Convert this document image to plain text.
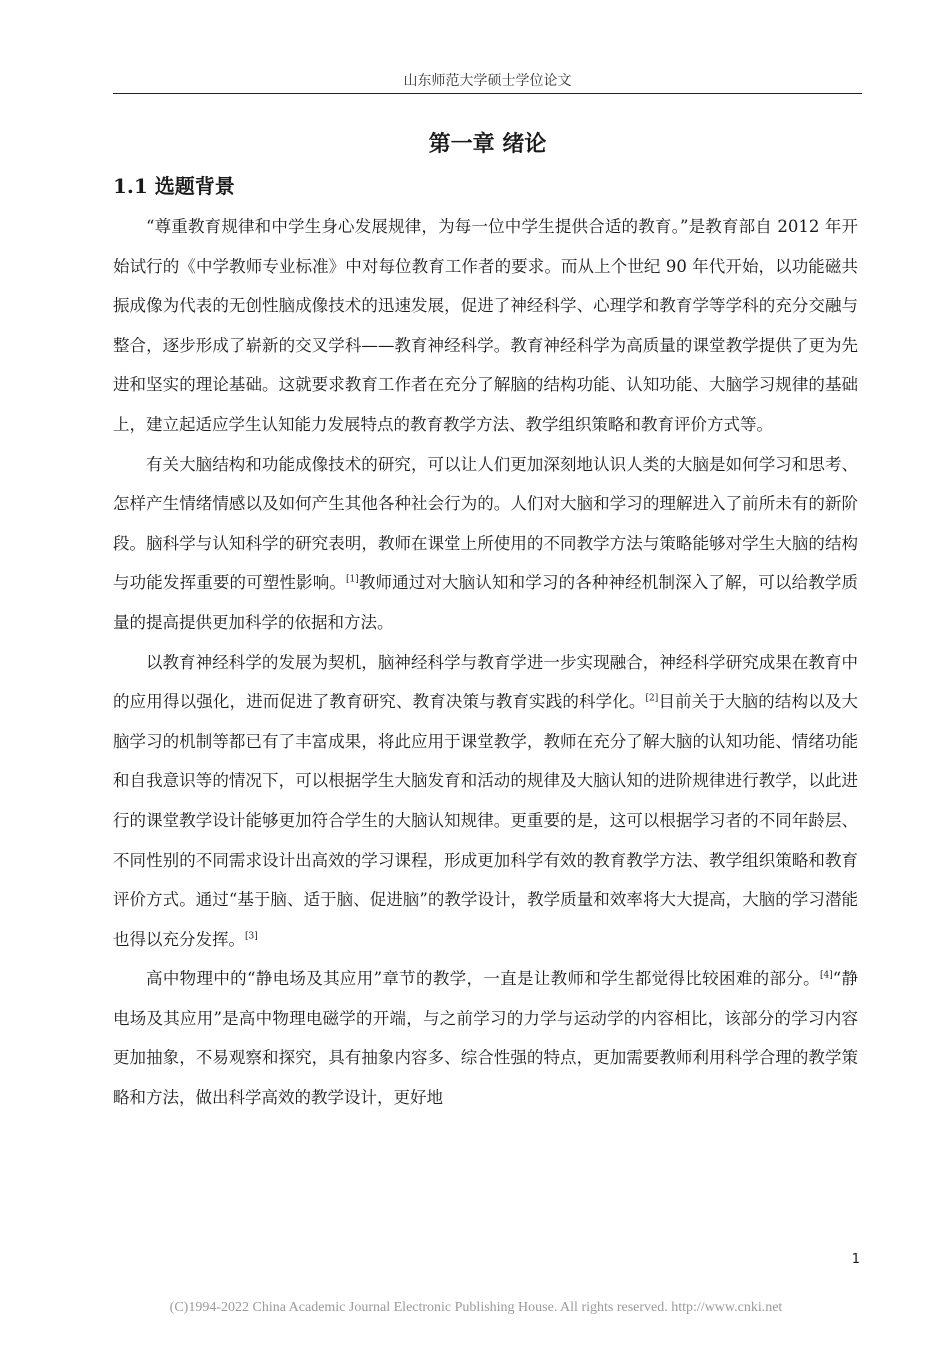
山东师范大学硕士学位论文
第一章 绪论
1.1 选题背景

“尊重教育规律和中学生身心发展规律，为每一位中学生提供合适的教育。”是教育部自 2012 年开始试行的《中学教师专业标准》中对每位教育工作者的要求。而从上个世纪 90 年代开始，以功能磁共振成像为代表的无创性脑成像技术的迅速发展，促进了神经科学、心理学和教育学等学科的充分交融与整合，逐步形成了崭新的交叉学科——教育神经科学。教育神经科学为高质量的课堂教学提供了更为先进和坚实的理论基础。这就要求教育工作者在充分了解脑的结构功能、认知功能、大脑学习规律的基础上，建立起适应学生认知能力发展特点的教育教学方法、教学组织策略和教育评价方式等。

有关大脑结构和功能成像技术的研究，可以让人们更加深刻地认识人类的大脑是如何学习和思考、怎样产生情绪情感以及如何产生其他各种社会行为的。人们对大脑和学习的理解进入了前所未有的新阶段。脑科学与认知科学的研究表明，教师在课堂上所使用的不同教学方法与策略能够对学生大脑的结构与功能发挥重要的可塑性影响。[1]教师通过对大脑认知和学习的各种神经机制深入了解，可以给教学质量的提高提供更加科学的依据和方法。

以教育神经科学的发展为契机，脑神经科学与教育学进一步实现融合，神经科学研究成果在教育中的应用得以强化，进而促进了教育研究、教育决策与教育实践的科学化。[2]目前关于大脑的结构以及大脑学习的机制等都已有了丰富成果，将此应用于课堂教学，教师在充分了解大脑的认知功能、情绪功能和自我意识等的情况下，可以根据学生大脑发育和活动的规律及大脑认知的进阶规律进行教学，以此进行的课堂教学设计能够更加符合学生的大脑认知规律。更重要的是，这可以根据学习者的不同年龄层、不同性别的不同需求设计出高效的学习课程，形成更加科学有效的教育教学方法、教学组织策略和教育评价方式。通过“基于脑、适于脑、促进脑”的教学设计，教学质量和效率将大大提高，大脑的学习潜能也得以充分发挥。[3]

高中物理中的“静电场及其应用”章节的教学，一直是让教师和学生都觉得比较困难的部分。[4]“静电场及其应用”是高中物理电磁学的开端，与之前学习的力学与运动学的内容相比，该部分的学习内容更加抽象，不易观察和探究，具有抽象内容多、综合性强的特点，更加需要教师利用科学合理的教学策略和方法，做出科学高效的教学设计，更好地

1
(C)1994-2022 China Academic Journal Electronic Publishing House. All rights reserved. http://www.cnki.net
